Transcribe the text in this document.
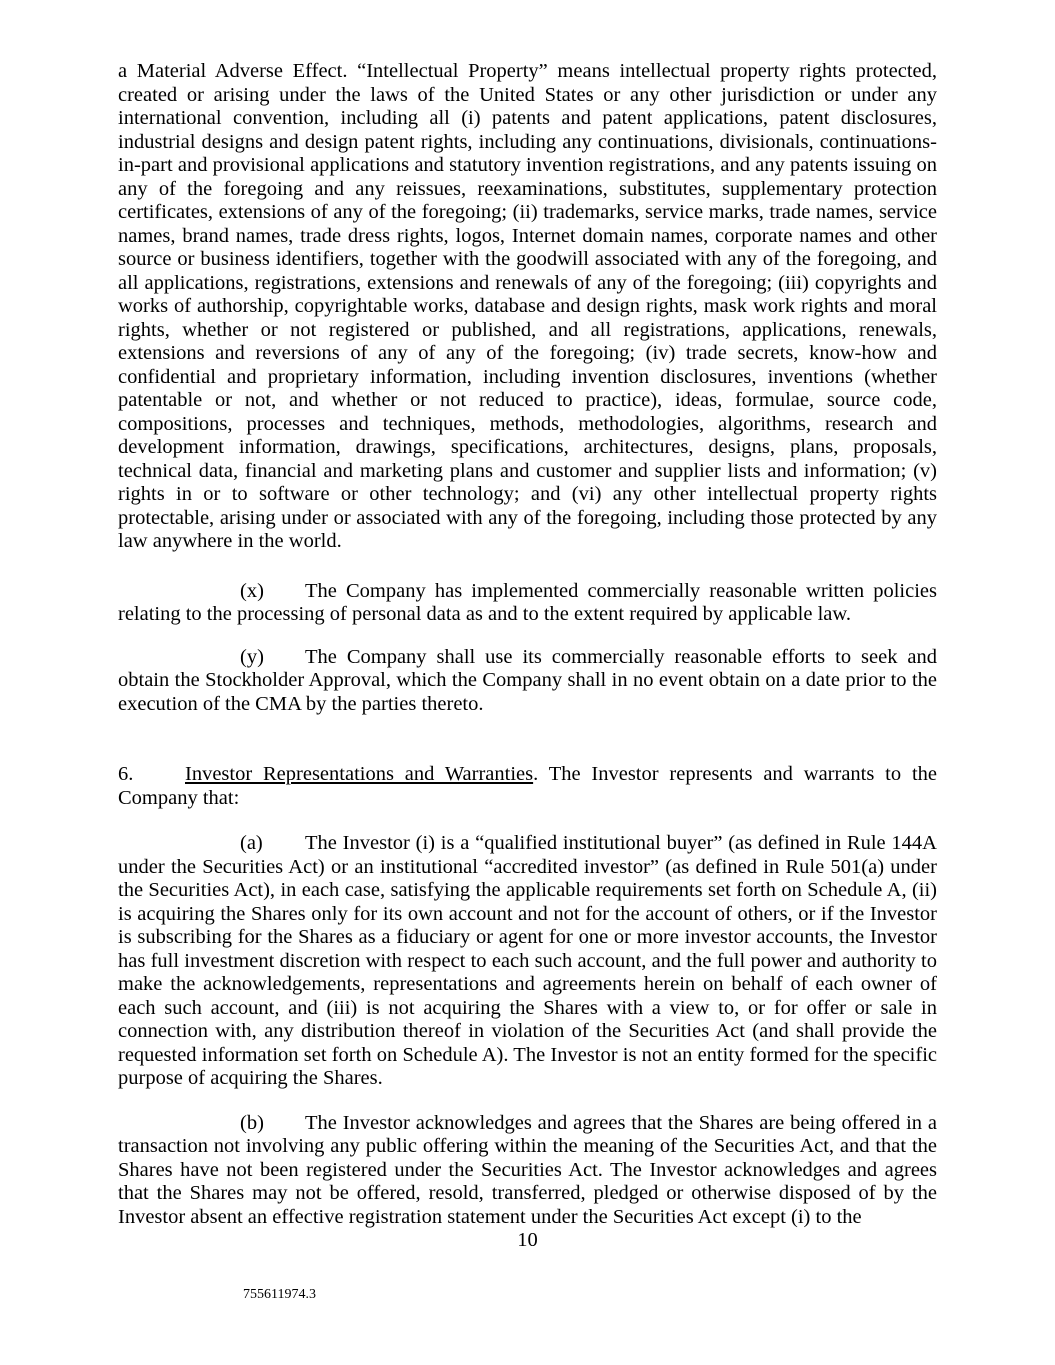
a Material Adverse Effect. “Intellectual Property” means intellectual property rights protected, created or arising under the laws of the United States or any other jurisdiction or under any international convention, including all (i) patents and patent applications, patent disclosures, industrial designs and design patent rights, including any continuations, divisionals, continuations-in-part and provisional applications and statutory invention registrations, and any patents issuing on any of the foregoing and any reissues, reexaminations, substitutes, supplementary protection certificates, extensions of any of the foregoing; (ii) trademarks, service marks, trade names, service names, brand names, trade dress rights, logos, Internet domain names, corporate names and other source or business identifiers, together with the goodwill associated with any of the foregoing, and all applications, registrations, extensions and renewals of any of the foregoing; (iii) copyrights and works of authorship, copyrightable works, database and design rights, mask work rights and moral rights, whether or not registered or published, and all registrations, applications, renewals, extensions and reversions of any of any of the foregoing; (iv) trade secrets, know-how and confidential and proprietary information, including invention disclosures, inventions (whether patentable or not, and whether or not reduced to practice), ideas, formulae, source code, compositions, processes and techniques, methods, methodologies, algorithms, research and development information, drawings, specifications, architectures, designs, plans, proposals, technical data, financial and marketing plans and customer and supplier lists and information; (v) rights in or to software or other technology; and (vi) any other intellectual property rights protectable, arising under or associated with any of the foregoing, including those protected by any law anywhere in the world.

(x) The Company has implemented commercially reasonable written policies relating to the processing of personal data as and to the extent required by applicable law.

(y) The Company shall use its commercially reasonable efforts to seek and obtain the Stockholder Approval, which the Company shall in no event obtain on a date prior to the execution of the CMA by the parties thereto.

6.	Investor Representations and Warranties. The Investor represents and warrants to the Company that:

(a) The Investor (i) is a “qualified institutional buyer” (as defined in Rule 144A under the Securities Act) or an institutional “accredited investor” (as defined in Rule 501(a) under the Securities Act), in each case, satisfying the applicable requirements set forth on Schedule A, (ii) is acquiring the Shares only for its own account and not for the account of others, or if the Investor is subscribing for the Shares as a fiduciary or agent for one or more investor accounts, the Investor has full investment discretion with respect to each such account, and the full power and authority to make the acknowledgements, representations and agreements herein on behalf of each owner of each such account, and (iii) is not acquiring the Shares with a view to, or for offer or sale in connection with, any distribution thereof in violation of the Securities Act (and shall provide the requested information set forth on Schedule A). The Investor is not an entity formed for the specific purpose of acquiring the Shares.

(b) The Investor acknowledges and agrees that the Shares are being offered in a transaction not involving any public offering within the meaning of the Securities Act, and that the Shares have not been registered under the Securities Act. The Investor acknowledges and agrees that the Shares may not be offered, resold, transferred, pledged or otherwise disposed of by the Investor absent an effective registration statement under the Securities Act except (i) to the

10

755611974.3
